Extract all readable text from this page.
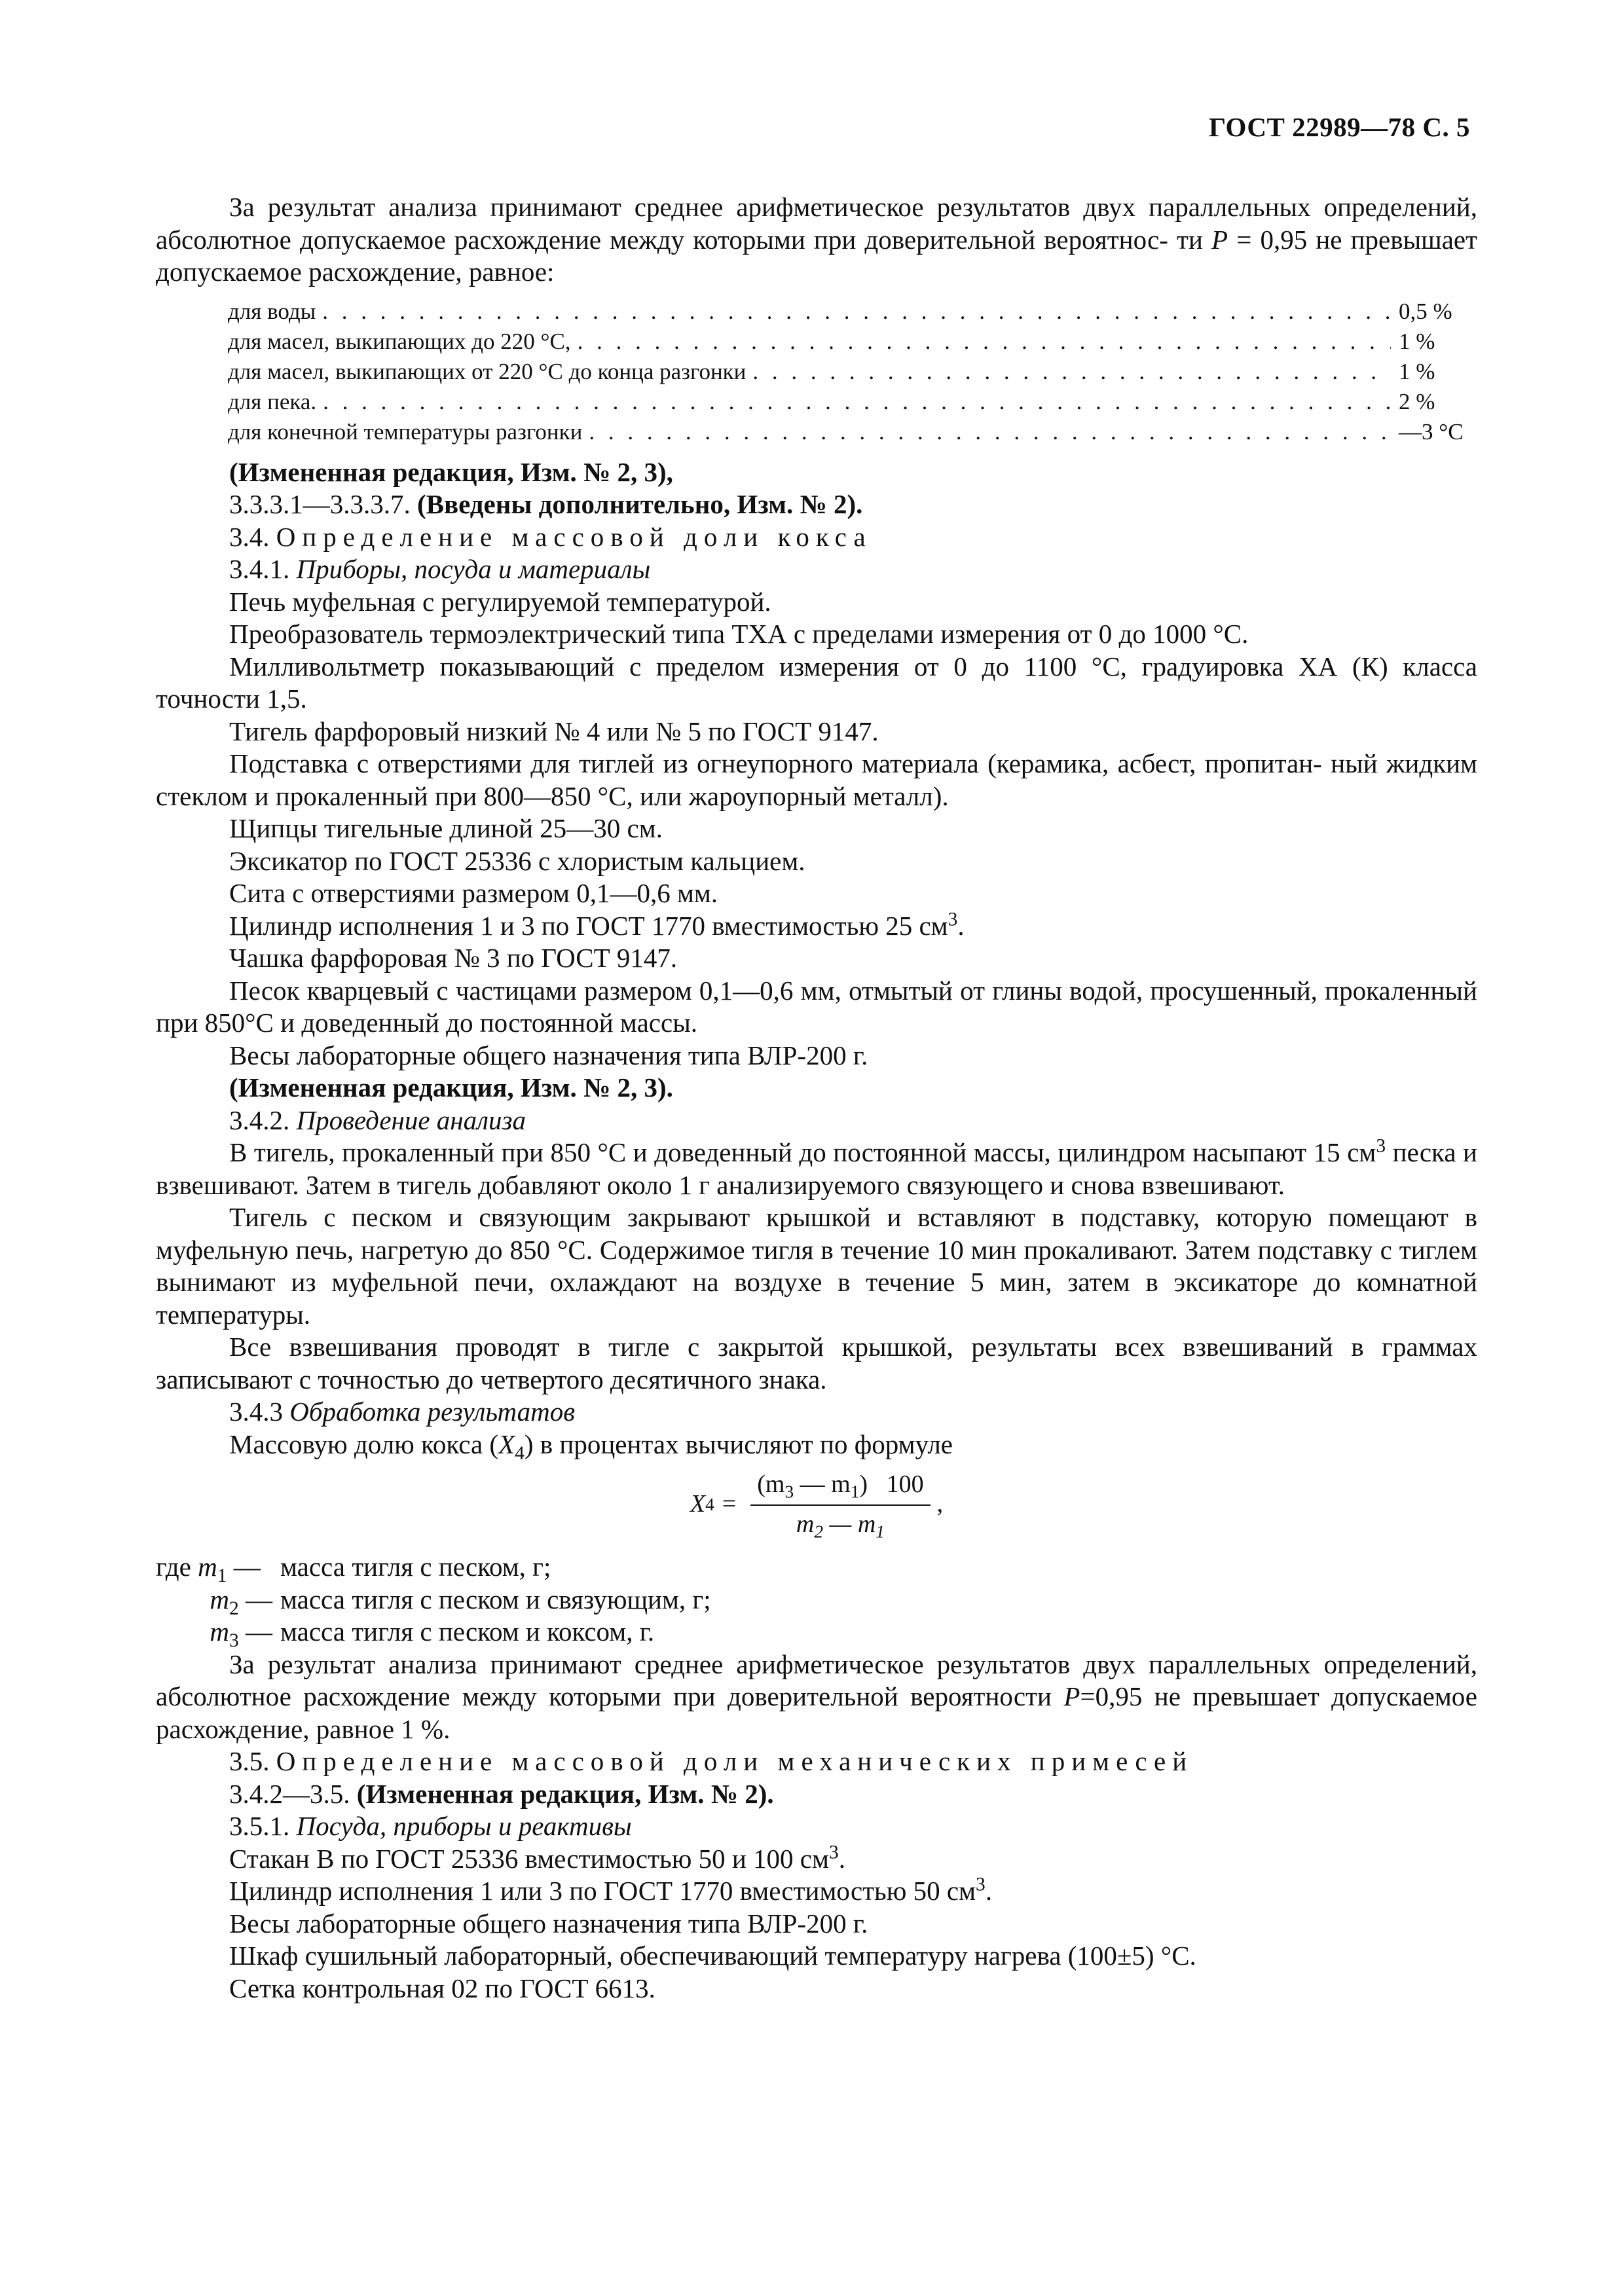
ГОСТ 22989—78 С. 5

За результат анализа принимают среднее арифметическое результатов двух параллельных определений, абсолютное допускаемое расхождение между которыми при доверительной вероятнос- ти P = 0,95 не превышает допускаемое расхождение, равное:

для воды . . .	0,5 %
для масел, выкипающих до 220 °С, . . .	1 %
для масел, выкипающих от 220 °С до конца разгонки . . .	1 %
для пека. . . .	2 %
для конечной температуры разгонки . . .	—3 °С

(Измененная редакция, Изм. № 2, 3),

3.3.3.1—3.3.3.7. (Введены дополнительно, Изм. № 2).

3.4. Определение массовой доли кокса

3.4.1. Приборы, посуда и материалы

Печь муфельная с регулируемой температурой.

Преобразователь термоэлектрический типа ТХА с пределами измерения от 0 до 1000 °С.

Милливольтметр показывающий с пределом измерения от 0 до 1100 °С, градуировка ХА (К) класса точности 1,5.

Тигель фарфоровый низкий № 4 или № 5 по ГОСТ 9147.

Подставка с отверстиями для тиглей из огнеупорного материала (керамика, асбест, пропитан- ный жидким стеклом и прокаленный при 800—850 °С, или жароупорный металл).

Щипцы тигельные длиной 25—30 см.

Эксикатор по ГОСТ 25336 с хлористым кальцием.

Сита с отверстиями размером 0,1—0,6 мм.

Цилиндр исполнения 1 и 3 по ГОСТ 1770 вместимостью 25 $см^3$.

Чашка фарфоровая № 3 по ГОСТ 9147.

Песок кварцевый с частицами размером 0,1—0,6 мм, отмытый от глины водой, просушенный, прокаленный при 850°С и доведенный до постоянной массы.

Весы лабораторные общего назначения типа ВЛР-200 г.

(Измененная редакция, Изм. № 2, 3).

3.4.2. Проведение анализа

В тигель, прокаленный при 850 °С и доведенный до постоянной массы, цилиндром насыпают 15 $см^3$ песка и взвешивают. Затем в тигель добавляют около 1 г анализируемого связующего и снова взвешивают.

Тигель с песком и связующим закрывают крышкой и вставляют в подставку, которую помещают в муфельную печь, нагретую до 850 °С. Содержимое тигля в течение 10 мин прокаливают. Затем подставку с тиглем вынимают из муфельной печи, охлаждают на воздухе в течение 5 мин, затем в эксикаторе до комнатной температуры.

Все взвешивания проводят в тигле с закрытой крышкой, результаты всех взвешиваний в граммах записывают с точностью до четвертого десятичного знака.

3.4.3 Обработка результатов

Массовую долю кокса $(X_4)$ в процентах вычисляют по формуле

X $4 = \frac{(m_3 — m_1) 100}{m_2 — m_1}$ ,
где $m_1$ — масса тигля с песком, г;
$m_2$ — масса тигля с песком и связующим, г;
$m_3$ — масса тигля с песком и коксом, г.

За результат анализа принимают среднее арифметическое результатов двух параллельных определений, абсолютное расхождение между которыми при доверительной вероятности P=0,95 не превышает допускаемое расхождение, равное 1 %.

3.5. Определение массовой доли механических примесей

3.4.2—3.5. (Измененная редакция, Изм. № 2).

3.5.1. Посуда, приборы и реактивы

Стакан В по ГОСТ 25336 вместимостью 50 и 100 $см^3$.

Цилиндр исполнения 1 или 3 по ГОСТ 1770 вместимостью 50 $см^3$.

Весы лабораторные общего назначения типа ВЛР-200 г.

Шкаф сушильный лабораторный, обеспечивающий температуру нагрева (100±5) °С.

Сетка контрольная 02 по ГОСТ 6613.
